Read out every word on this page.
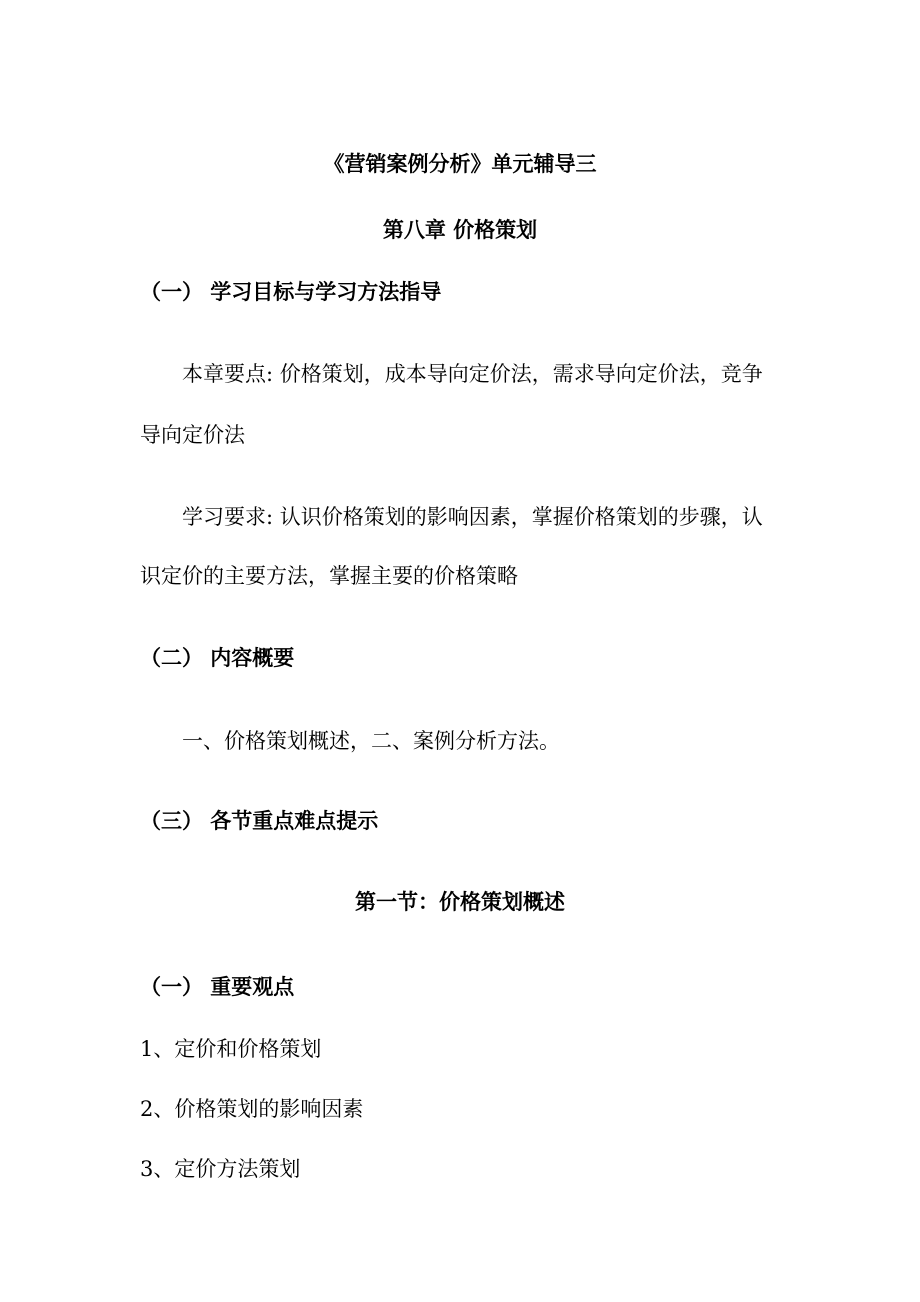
《营销案例分析》单元辅导三
第八章 价格策划
（一） 学习目标与学习方法指导
本章要点: 价格策划，成本导向定价法，需求导向定价法，竞争
导向定价法
学习要求: 认识价格策划的影响因素，掌握价格策划的步骤，认
识定价的主要方法，掌握主要的价格策略
（二） 内容概要
一、价格策划概述，二、案例分析方法。
（三） 各节重点难点提示
第一节：价格策划概述
（一） 重要观点
1、定价和价格策划
2、价格策划的影响因素
3、定价方法策划
